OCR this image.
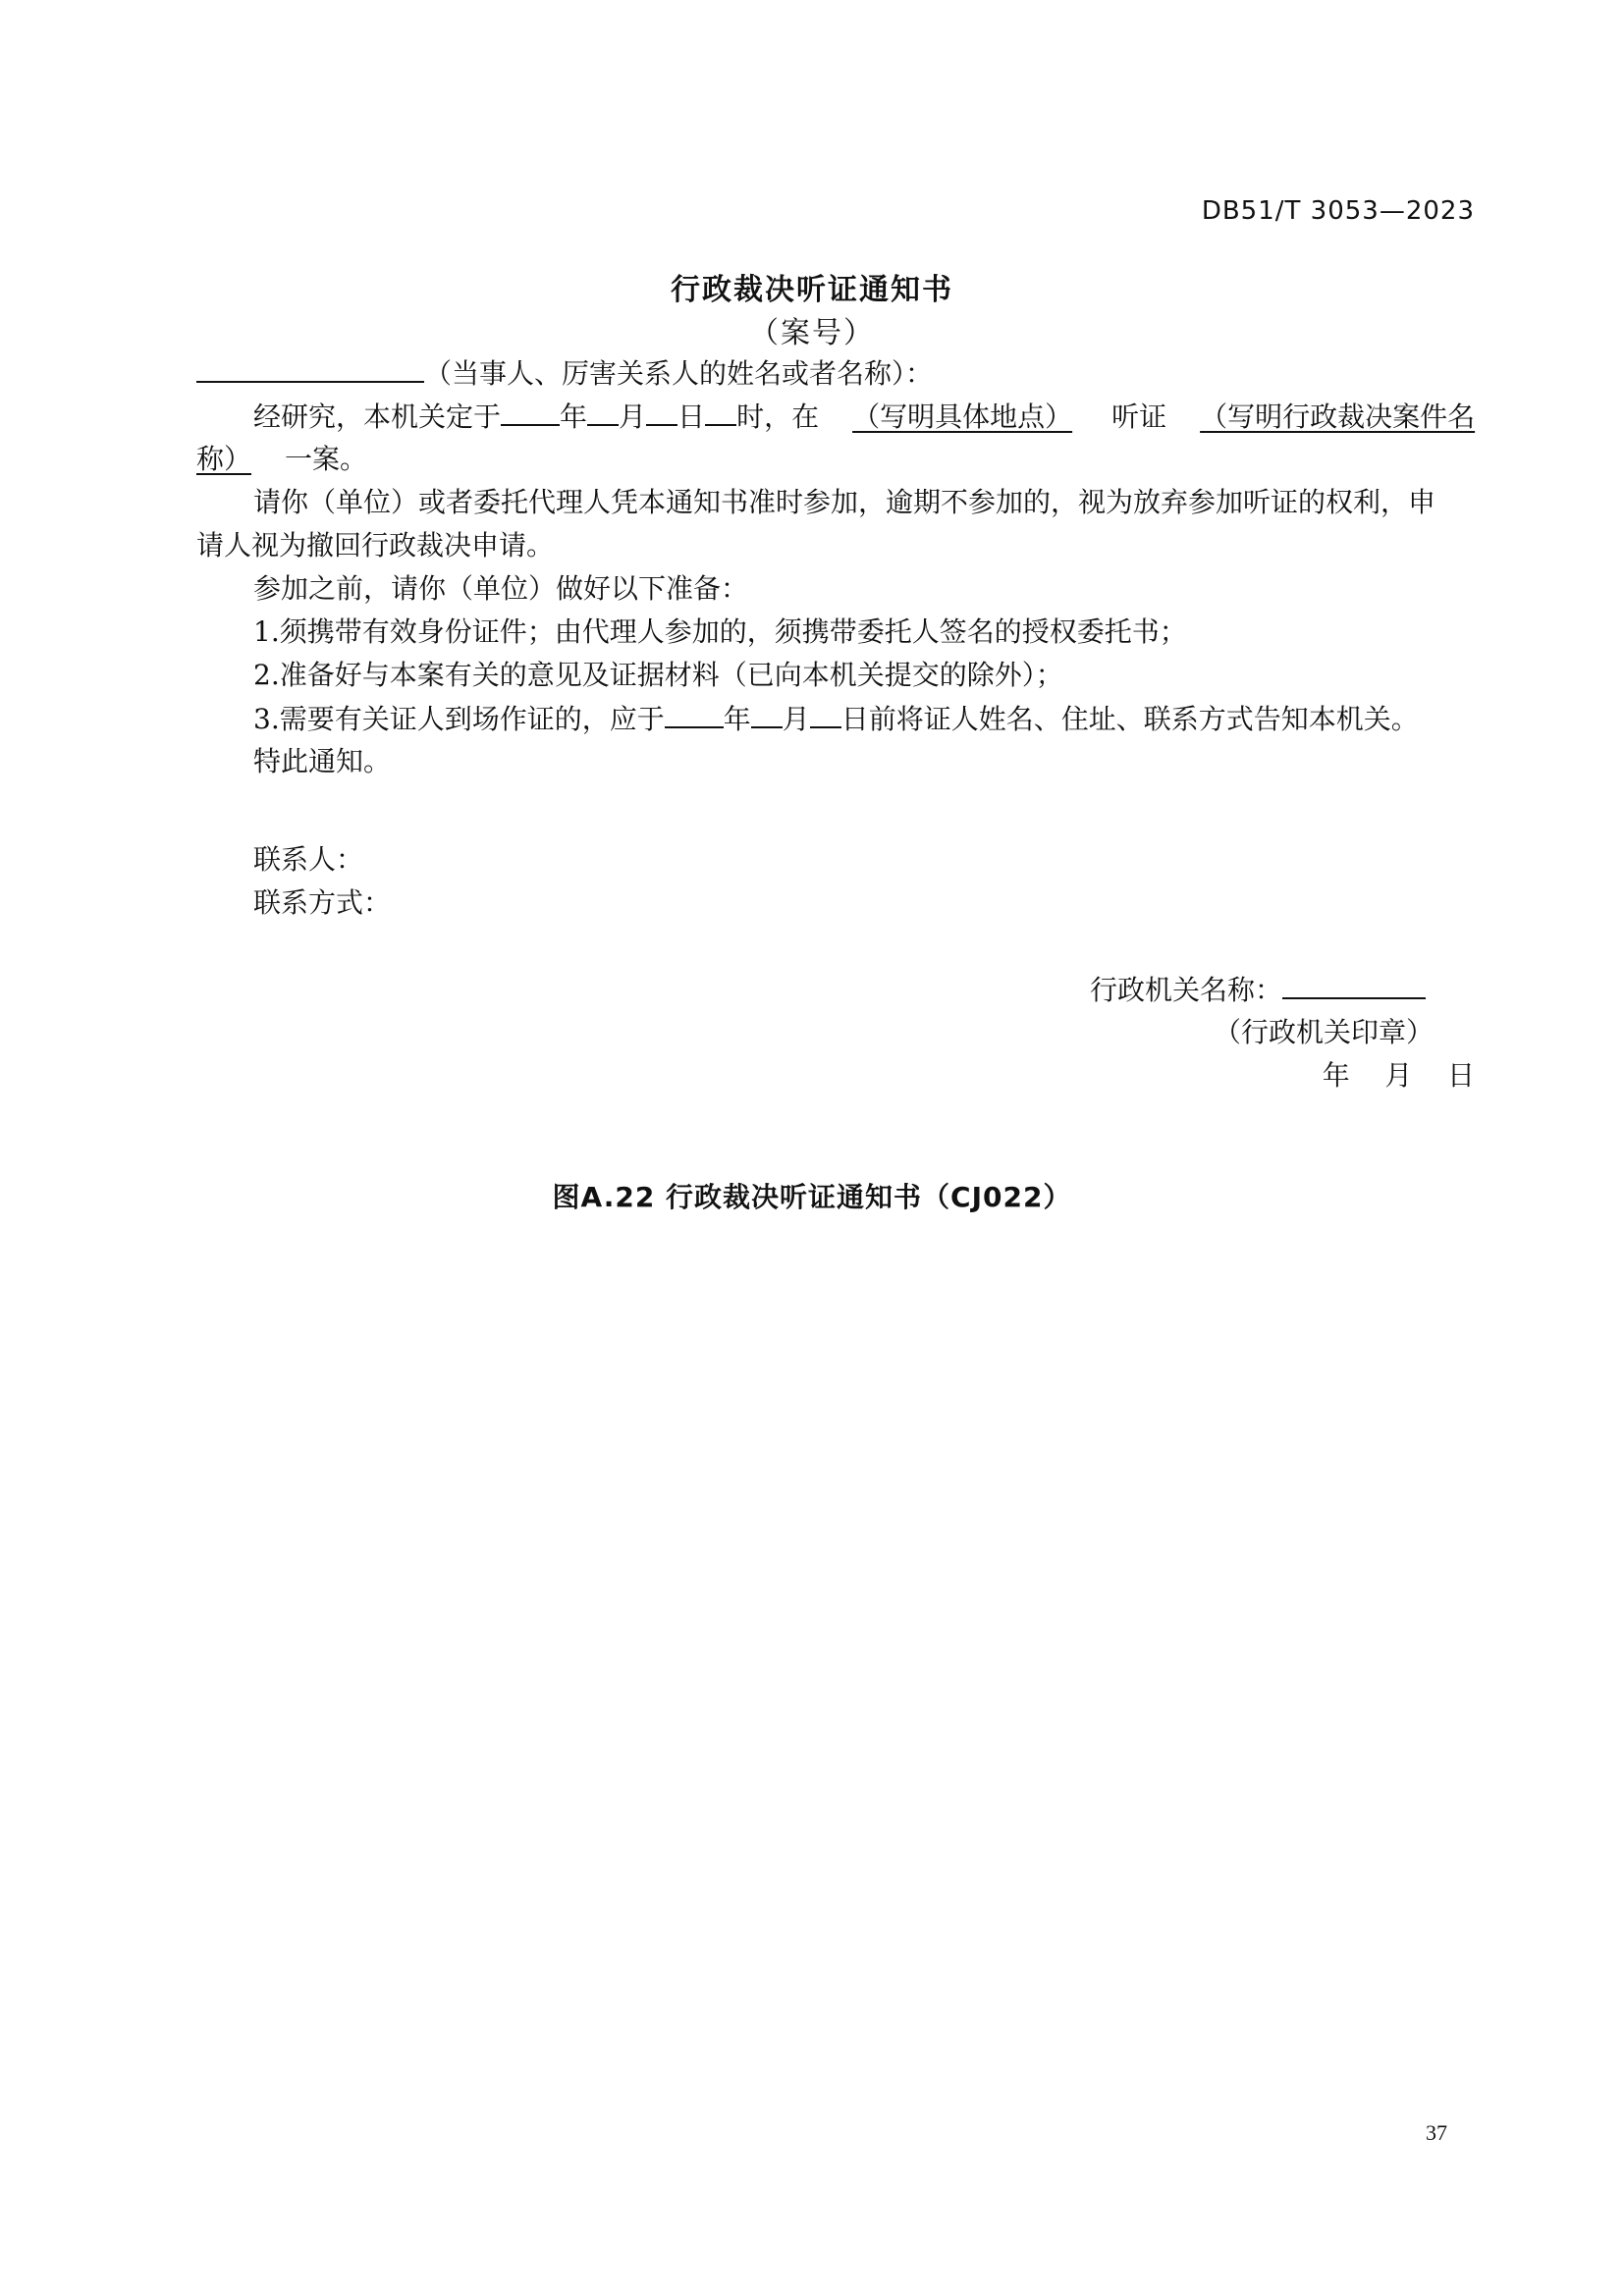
DB51/T 3053—2023
行政裁决听证通知书
（案号）
（当事人、厉害关系人的姓名或者名称）：
经研究，本机关定于 年 月 日 时，在 （写明具体地点） 听证 （写明行政裁决案件名
称） 一案。
请你（单位）或者委托代理人凭本通知书准时参加，逾期不参加的，视为放弃参加听证的权利，申
请人视为撤回行政裁决申请。
参加之前，请你（单位）做好以下准备：
1.须携带有效身份证件；由代理人参加的，须携带委托人签名的授权委托书；
2.准备好与本案有关的意见及证据材料（已向本机关提交的除外）；
3.需要有关证人到场作证的，应于 年 月 日前将证人姓名、住址、联系方式告知本机关。
特此通知。
联系人：
联系方式：
行政机关名称：
（行政机关印章）
年    月    日
图A.22 行政裁决听证通知书（CJ022）
37
